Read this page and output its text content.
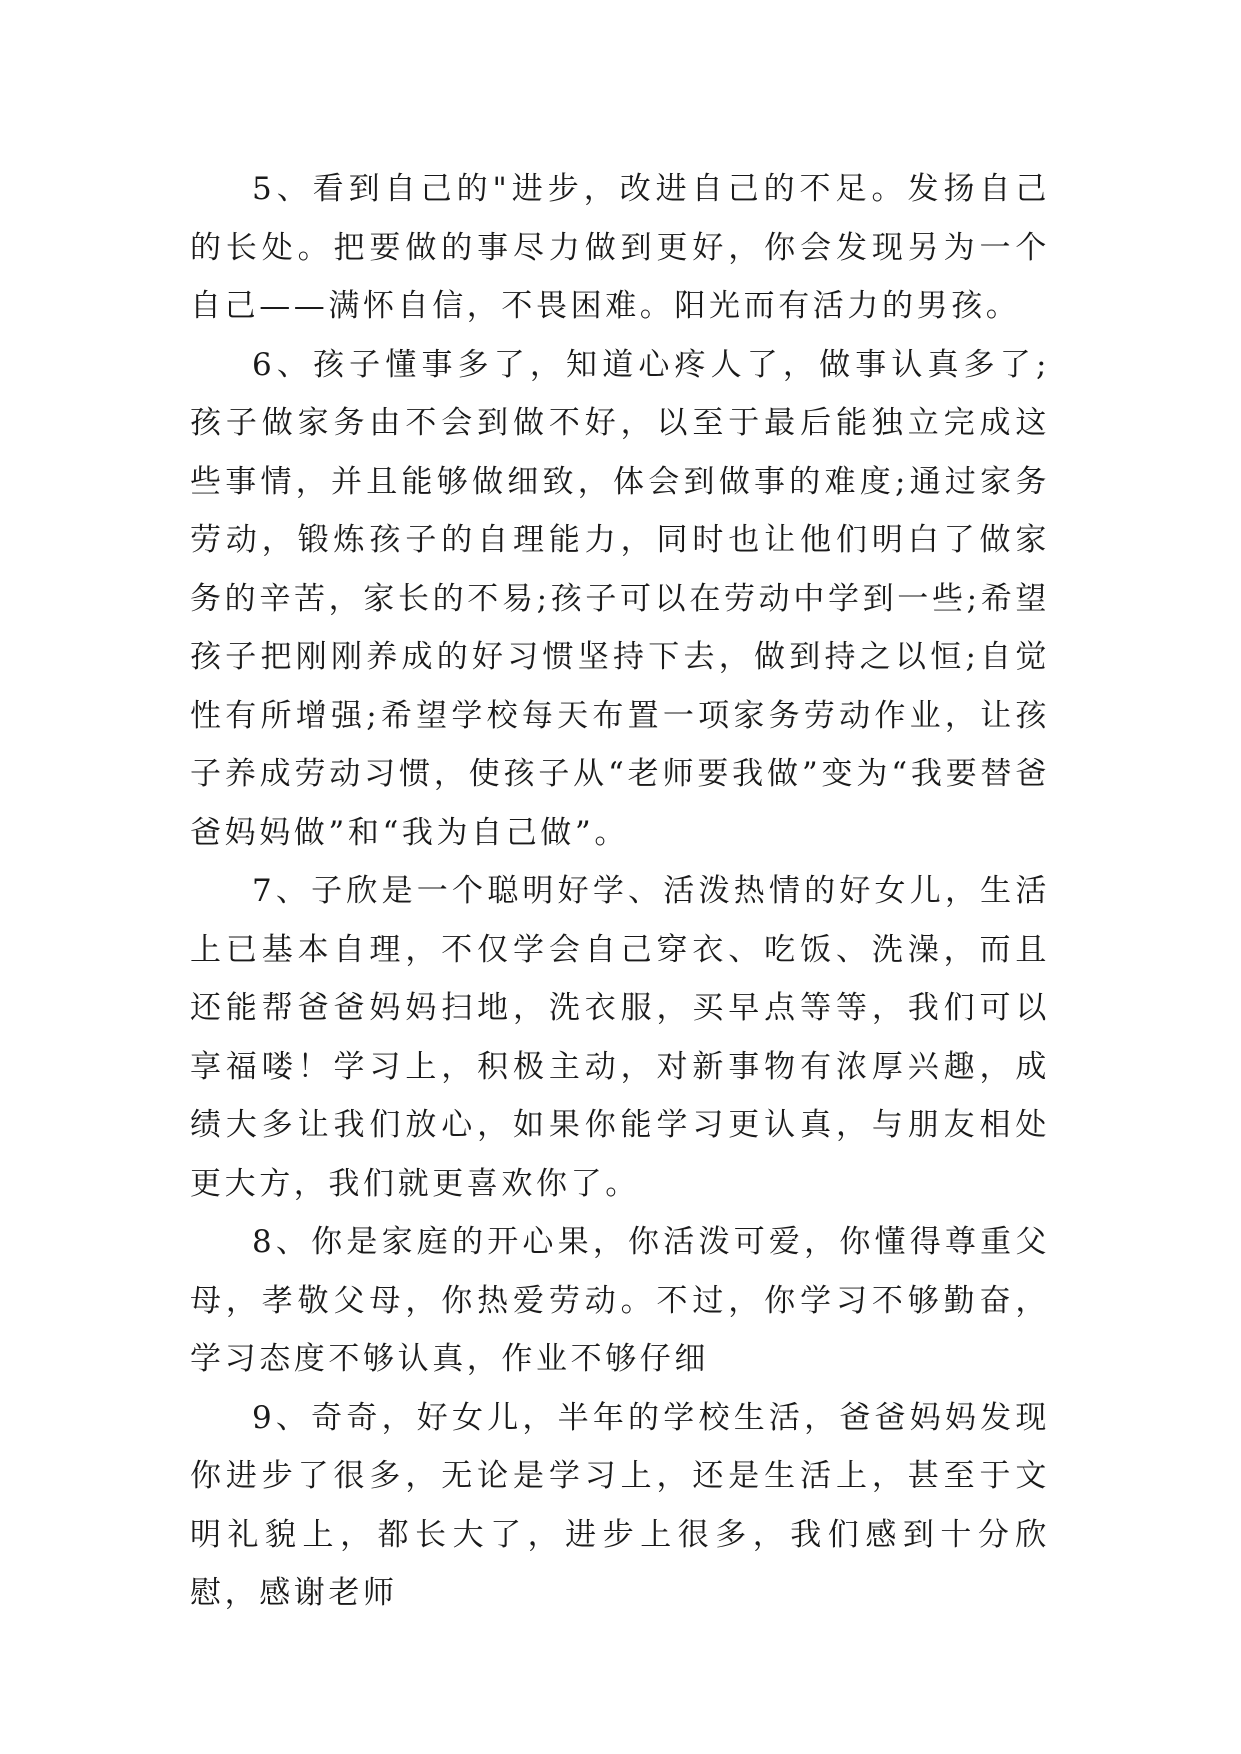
5、看到自己的"进步，改进自己的不足。发扬自己的长处。把要做的事尽力做到更好，你会发现另为一个自己——满怀自信，不畏困难。阳光而有活力的男孩。

6、孩子懂事多了，知道心疼人了，做事认真多了;孩子做家务由不会到做不好，以至于最后能独立完成这些事情，并且能够做细致，体会到做事的难度;通过家务劳动，锻炼孩子的自理能力，同时也让他们明白了做家务的辛苦，家长的不易;孩子可以在劳动中学到一些;希望孩子把刚刚养成的好习惯坚持下去，做到持之以恒;自觉性有所增强;希望学校每天布置一项家务劳动作业，让孩子养成劳动习惯，使孩子从“老师要我做”变为“我要替爸爸妈妈做”和“我为自己做”。

7、子欣是一个聪明好学、活泼热情的好女儿，生活上已基本自理，不仅学会自己穿衣、吃饭、洗澡，而且还能帮爸爸妈妈扫地，洗衣服，买早点等等，我们可以享福喽！学习上，积极主动，对新事物有浓厚兴趣，成绩大多让我们放心，如果你能学习更认真，与朋友相处更大方，我们就更喜欢你了。

8、你是家庭的开心果，你活泼可爱，你懂得尊重父母，孝敬父母，你热爱劳动。不过，你学习不够勤奋，学习态度不够认真，作业不够仔细

9、奇奇，好女儿，半年的学校生活，爸爸妈妈发现你进步了很多，无论是学习上，还是生活上，甚至于文明礼貌上，都长大了，进步上很多，我们感到十分欣慰，感谢老师
